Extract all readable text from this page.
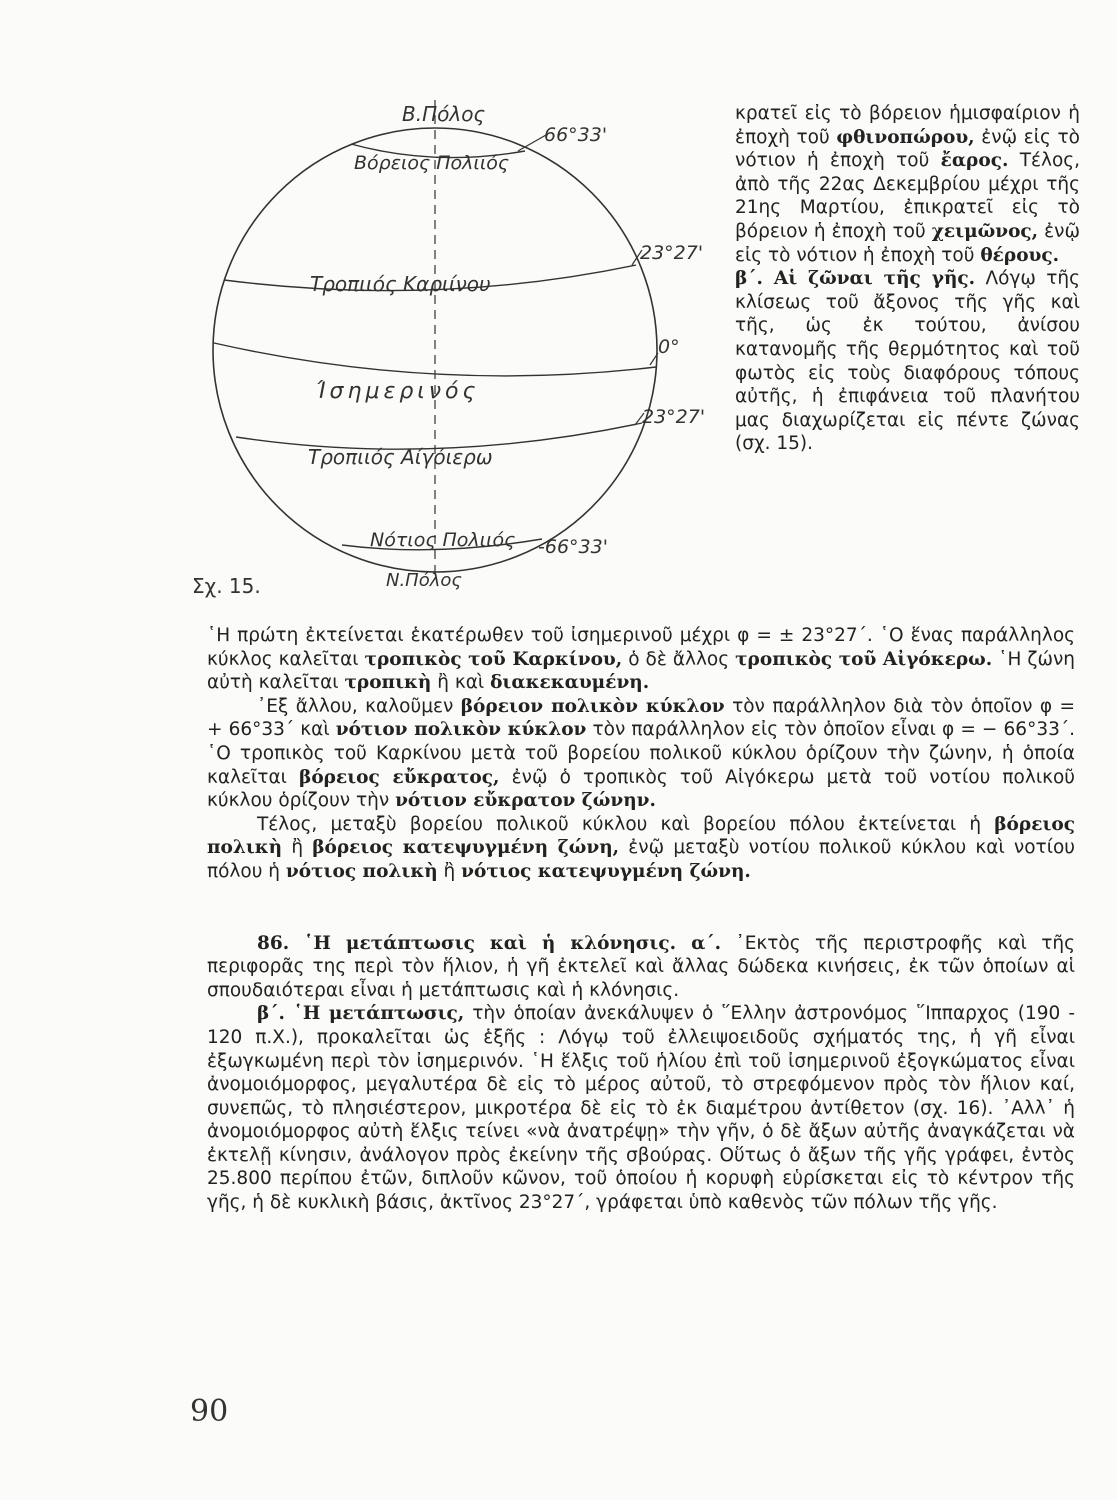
Β.Πόλος
Βόρειος Πολιιός
Τροπιιός Καριίνου
Ίσημερινός
Τροπιιός Αίγόιερω
Νότιος Πολιιός
Ν.Πόλος
66°33'
23°27'
0°
23°27'
-66°33'
Σχ. 15.

κρατεῖ εἰς τὸ βόρειον ἡμισφαίριον ἡ ἐποχὴ τοῦ φθινοπώρου, ἐνῷ εἰς τὸ νότιον ἡ ἐποχὴ τοῦ ἔαρος. Τέλος, ἀπὸ τῆς 22ας Δεκεμβρίου μέχρι τῆς 21ης Μαρτίου, ἐπικρατεῖ εἰς τὸ βόρειον ἡ ἐποχὴ τοῦ χειμῶνος, ἐνῷ εἰς τὸ νότιον ἡ ἐποχὴ τοῦ θέρους.

β΄. Αἱ ζῶναι τῆς γῆς. Λόγῳ τῆς κλίσεως τοῦ ἄξονος τῆς γῆς καὶ τῆς, ὡς ἐκ τούτου, ἀνίσου κατανομῆς τῆς θερμότητος καὶ τοῦ φωτὸς εἰς τοὺς διαφόρους τόπους αὐτῆς, ἡ ἐπιφάνεια τοῦ πλανήτου μας διαχωρίζεται εἰς πέντε ζώνας (σχ. 15).

῾Η πρώτη ἐκτείνεται ἑκατέρωθεν τοῦ ἰσημερινοῦ μέχρι φ = ± 23°27΄. ῾Ο ἕνας παράλληλος κύκλος καλεῖται τροπικὸς τοῦ Καρκίνου, ὁ δὲ ἄλλος τροπικὸς τοῦ Αἰγόκερω. ῾Η ζώνη αὐτὴ καλεῖται τροπικὴ ἢ καὶ διακεκαυμένη.

᾿Εξ ἄλλου, καλοῦμεν βόρειον πολικὸν κύκλον τὸν παράλληλον διὰ τὸν ὁποῖον φ = + 66°33΄ καὶ νότιον πολικὸν κύκλον τὸν παράλληλον εἰς τὸν ὁποῖον εἶναι φ = − 66°33΄. ῾Ο τροπικὸς τοῦ Καρκίνου μετὰ τοῦ βορείου πολικοῦ κύκλου ὁρίζουν τὴν ζώνην, ἡ ὁποία καλεῖται βόρειος εὔκρατος, ἐνῷ ὁ τροπικὸς τοῦ Αἰγόκερω μετὰ τοῦ νοτίου πολικοῦ κύκλου ὁρίζουν τὴν νότιον εὔκρατον ζώνην.

Τέλος, μεταξὺ βορείου πολικοῦ κύκλου καὶ βορείου πόλου ἐκτείνεται ἡ βόρειος πολικὴ ἢ βόρειος κατεψυγμένη ζώνη, ἐνῷ μεταξὺ νοτίου πολικοῦ κύκλου καὶ νοτίου πόλου ἡ νότιος πολικὴ ἢ νότιος κατεψυγμένη ζώνη.

86. ῾Η μετάπτωσις καὶ ἡ κλόνησις. α΄. ᾿Εκτὸς τῆς περιστροφῆς καὶ τῆς περιφορᾶς της περὶ τὸν ἥλιον, ἡ γῆ ἐκτελεῖ καὶ ἄλλας δώδεκα κινήσεις, ἐκ τῶν ὁποίων αἱ σπουδαιότεραι εἶναι ἡ μετάπτωσις καὶ ἡ κλόνησις.

β΄. ῾Η μετάπτωσις, τὴν ὁποίαν ἀνεκάλυψεν ὁ ῞Ελλην ἀστρονόμος ῞Ιππαρχος (190 - 120 π.Χ.), προκαλεῖται ὡς ἑξῆς : Λόγῳ τοῦ ἐλλειψοειδοῦς σχήματός της, ἡ γῆ εἶναι ἐξωγκωμένη περὶ τὸν ἰσημερινόν. ῾Η ἕλξις τοῦ ἡλίου ἐπὶ τοῦ ἰσημερινοῦ ἐξογκώματος εἶναι ἀνομοιόμορφος, μεγαλυτέρα δὲ εἰς τὸ μέρος αὐτοῦ, τὸ στρεφόμενον πρὸς τὸν ἥλιον καί, συνεπῶς, τὸ πλησιέστερον, μικροτέρα δὲ εἰς τὸ ἐκ διαμέτρου ἀντίθετον (σχ. 16). ᾿Αλλ᾿ ἡ ἀνομοιόμορφος αὐτὴ ἕλξις τείνει «νὰ ἀνατρέψῃ» τὴν γῆν, ὁ δὲ ἄξων αὐτῆς ἀναγκάζεται νὰ ἐκτελῇ κίνησιν, ἀνάλογον πρὸς ἐκείνην τῆς σβούρας. Οὕτως ὁ ἄξων τῆς γῆς γράφει, ἐντὸς 25.800 περίπου ἐτῶν, διπλοῦν κῶνον, τοῦ ὁποίου ἡ κορυφὴ εὑρίσκεται εἰς τὸ κέντρον τῆς γῆς, ἡ δὲ κυκλικὴ βάσις, ἀκτῖνος 23°27΄, γράφεται ὑπὸ καθενὸς τῶν πόλων τῆς γῆς.

90
